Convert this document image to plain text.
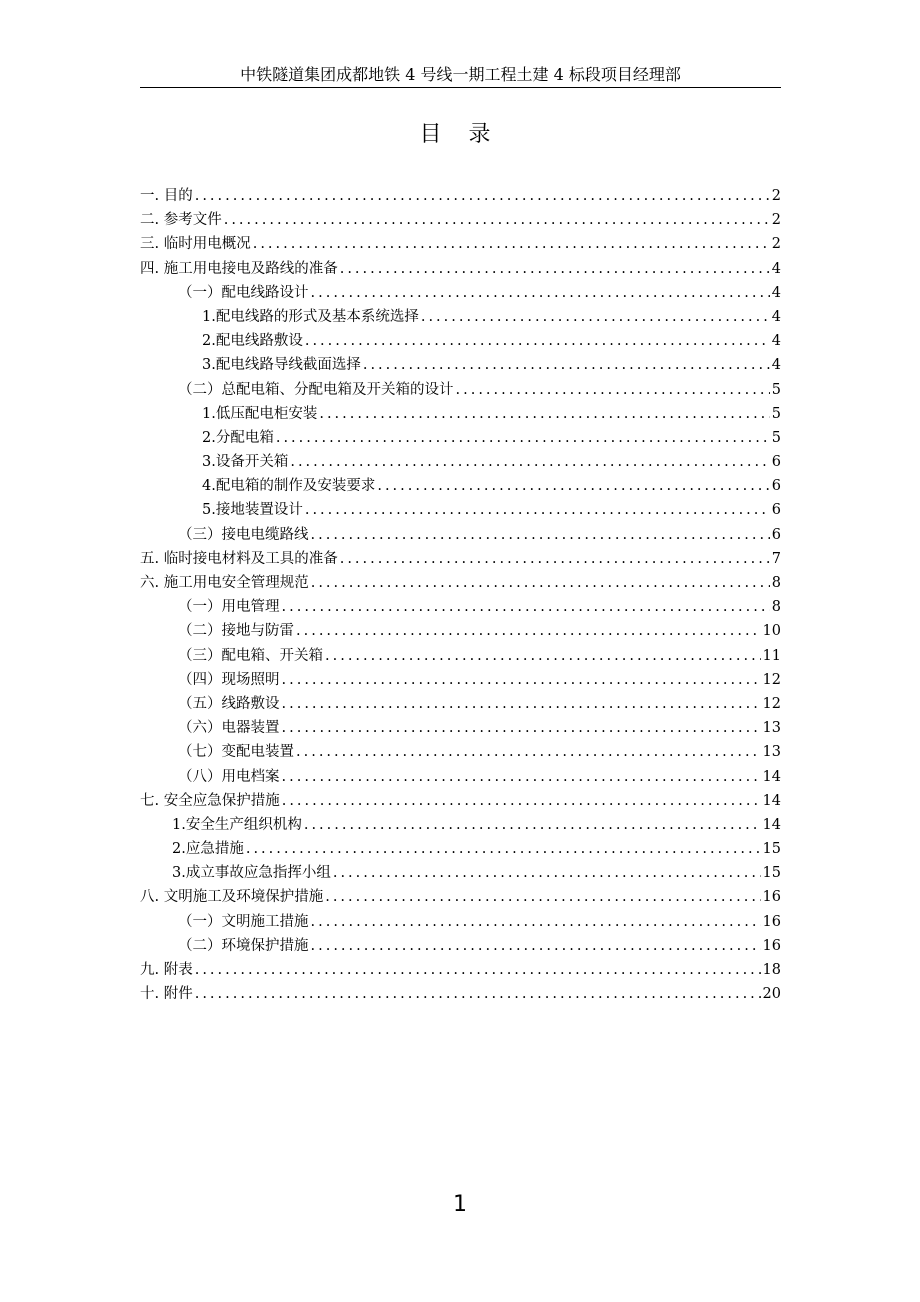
中铁隧道集团成都地铁 4 号线一期工程土建 4 标段项目经理部
目 录
一. 目的 .....	2
二. 参考文件 .....	2
三. 临时用电概况 .....	2
四. 施工用电接电及路线的准备 .....	4
（一）配电线路设计 .....	4
1.配电线路的形式及基本系统选择 .....	4
2.配电线路敷设 .....	4
3.配电线路导线截面选择 .....	4
（二）总配电箱、分配电箱及开关箱的设计 .....	5
1.低压配电柜安装 .....	5
2.分配电箱 .....	5
3.设备开关箱 .....	6
4.配电箱的制作及安装要求 .....	6
5.接地装置设计 .....	6
（三）接电电缆路线 .....	6
五. 临时接电材料及工具的准备 .....	7
六. 施工用电安全管理规范 .....	8
（一）用电管理 .....	8
（二）接地与防雷 .....	10
（三）配电箱、开关箱 .....	11
（四）现场照明 .....	12
（五）线路敷设 .....	12
（六）电器装置 .....	13
（七）变配电装置 .....	13
（八）用电档案 .....	14
七. 安全应急保护措施 .....	14
1.安全生产组织机构 .....	14
2.应急措施 .....	15
3.成立事故应急指挥小组 .....	15
八. 文明施工及环境保护措施 .....	16
（一）文明施工措施 .....	16
（二）环境保护措施 .....	16
九. 附表 .....	18
十. 附件 .....	20
1
